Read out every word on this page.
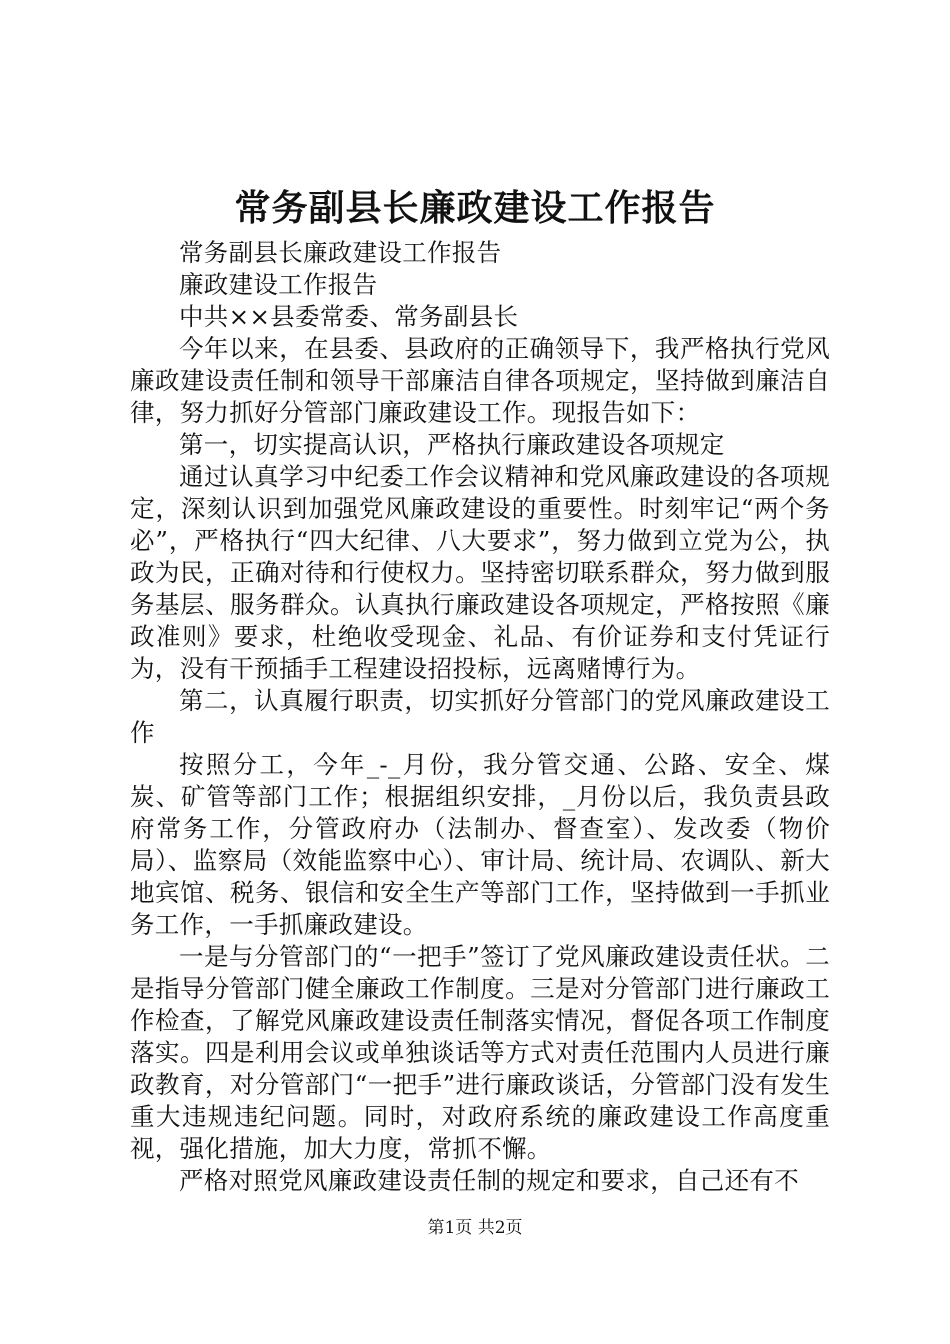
常务副县长廉政建设工作报告

常务副县长廉政建设工作报告

廉政建设工作报告

中共××县委常委、常务副县长

今年以来，在县委、县政府的正确领导下，我严格执行党风廉政建设责任制和领导干部廉洁自律各项规定，坚持做到廉洁自律，努力抓好分管部门廉政建设工作。现报告如下：

第一，切实提高认识，严格执行廉政建设各项规定

通过认真学习中纪委工作会议精神和党风廉政建设的各项规定，深刻认识到加强党风廉政建设的重要性。时刻牢记“两个务必”，严格执行“四大纪律、八大要求”，努力做到立党为公，执政为民，正确对待和行使权力。坚持密切联系群众，努力做到服务基层、服务群众。认真执行廉政建设各项规定，严格按照《廉政准则》要求，杜绝收受现金、礼品、有价证券和支付凭证行为，没有干预插手工程建设招投标，远离赌博行为。

第二，认真履行职责，切实抓好分管部门的党风廉政建设工作

按照分工，今年_-_月份，我分管交通、公路、安全、煤炭、矿管等部门工作；根据组织安排，_月份以后，我负责县政府常务工作，分管政府办（法制办、督查室）、发改委（物价局）、监察局（效能监察中心）、审计局、统计局、农调队、新大地宾馆、税务、银信和安全生产等部门工作，坚持做到一手抓业务工作，一手抓廉政建设。

一是与分管部门的“一把手”签订了党风廉政建设责任状。二是指导分管部门健全廉政工作制度。三是对分管部门进行廉政工作检查，了解党风廉政建设责任制落实情况，督促各项工作制度落实。四是利用会议或单独谈话等方式对责任范围内人员进行廉政教育，对分管部门“一把手”进行廉政谈话，分管部门没有发生重大违规违纪问题。同时，对政府系统的廉政建设工作高度重视，强化措施，加大力度，常抓不懈。

严格对照党风廉政建设责任制的规定和要求，自己还有不

第1页 共2页
